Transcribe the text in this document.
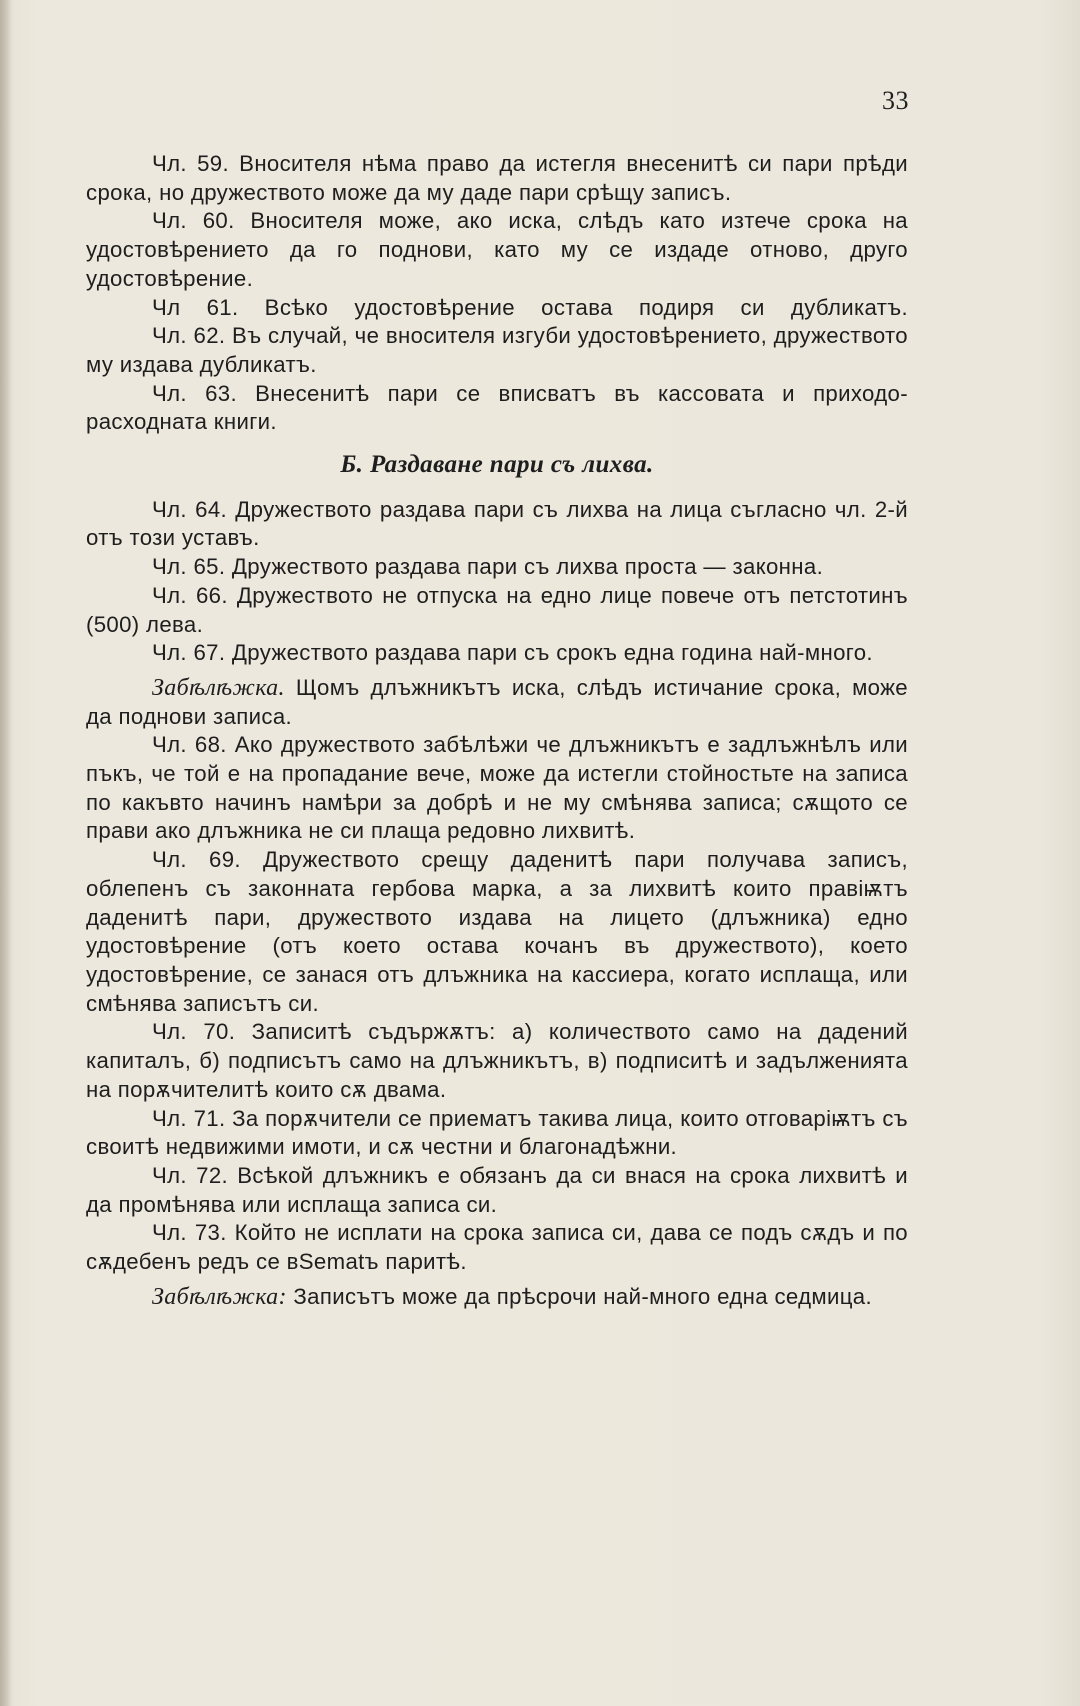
33

Чл. 59. Вносителя нѣма право да истегля внесенитѣ си пари прѣди срока, но дружеството може да му даде пари срѣщу записъ.

Чл. 60. Вносителя може, ако иска, слѣдъ като изтече срока на удостовѣрението да го поднови, като му се издаде отново, друго удостовѣрение.

Чл 61. Всѣко удостовѣрение остава подиря си дубликатъ.

Чл. 62. Въ случай, че вносителя изгуби удостовѣрението, дружеството му издава дубликатъ.

Чл. 63. Внесенитѣ пари се вписватъ въ кассовата и приходо-расходната книги.

Б. Раздаване пари съ лихва.

Чл. 64. Дружеството раздава пари съ лихва на лица съгласно чл. 2-й отъ този уставъ.

Чл. 65. Дружеството раздава пари съ лихва проста — законна.

Чл. 66. Дружеството не отпуска на едно лице повече отъ петстотинъ (500) лева.

Чл. 67. Дружеството раздава пари съ срокъ една година най-много.

Забѣлѣжка. Щомъ длъжникътъ иска, слѣдъ истичание срока, може да поднови записа.

Чл. 68. Ако дружеството забѣлѣжи че длъжникътъ е задлъжнѣлъ или пъкъ, че той е на пропадание вече, може да истегли стойностьте на записа по какъвто начинъ намѣри за добрѣ и не му смѣнява записа; сѫщото се прави ако длъжника не си плаща редовно лихвитѣ.

Чл. 69. Дружеството срещу даденитѣ пари получава записъ, облепенъ съ законната гербова марка, а за лихвитѣ които правiѭтъ даденитѣ пари, дружеството издава на лицето (длъжника) едно удостовѣрение (отъ което остава кочанъ въ дружеството), което удостовѣрение, се занася отъ длъжника на кассиера, когато исплаща, или смѣнява записътъ си.

Чл. 70. Записитѣ съдържѫтъ: а) количеството само на дадений капиталъ, б) подписътъ само на длъжникътъ, в) подписитѣ и задълженията на порѫчителитѣ които сѫ двама.

Чл. 71. За порѫчители се приематъ такива лица, които отговарiѭтъ съ своитѣ недвижими имоти, и сѫ честни и благонадѣжни.

Чл. 72. Всѣкой длъжникъ е обязанъ да си внася на срока лихвитѣ и да промѣнява или исплаща записа си.

Чл. 73. Който не исплати на срока записа си, дава се подъ сѫдъ и по сѫдебенъ редъ се вSematъ паритѣ.

Забѣлѣжка: Записътъ може да прѣсрочи най-много една седмица.
